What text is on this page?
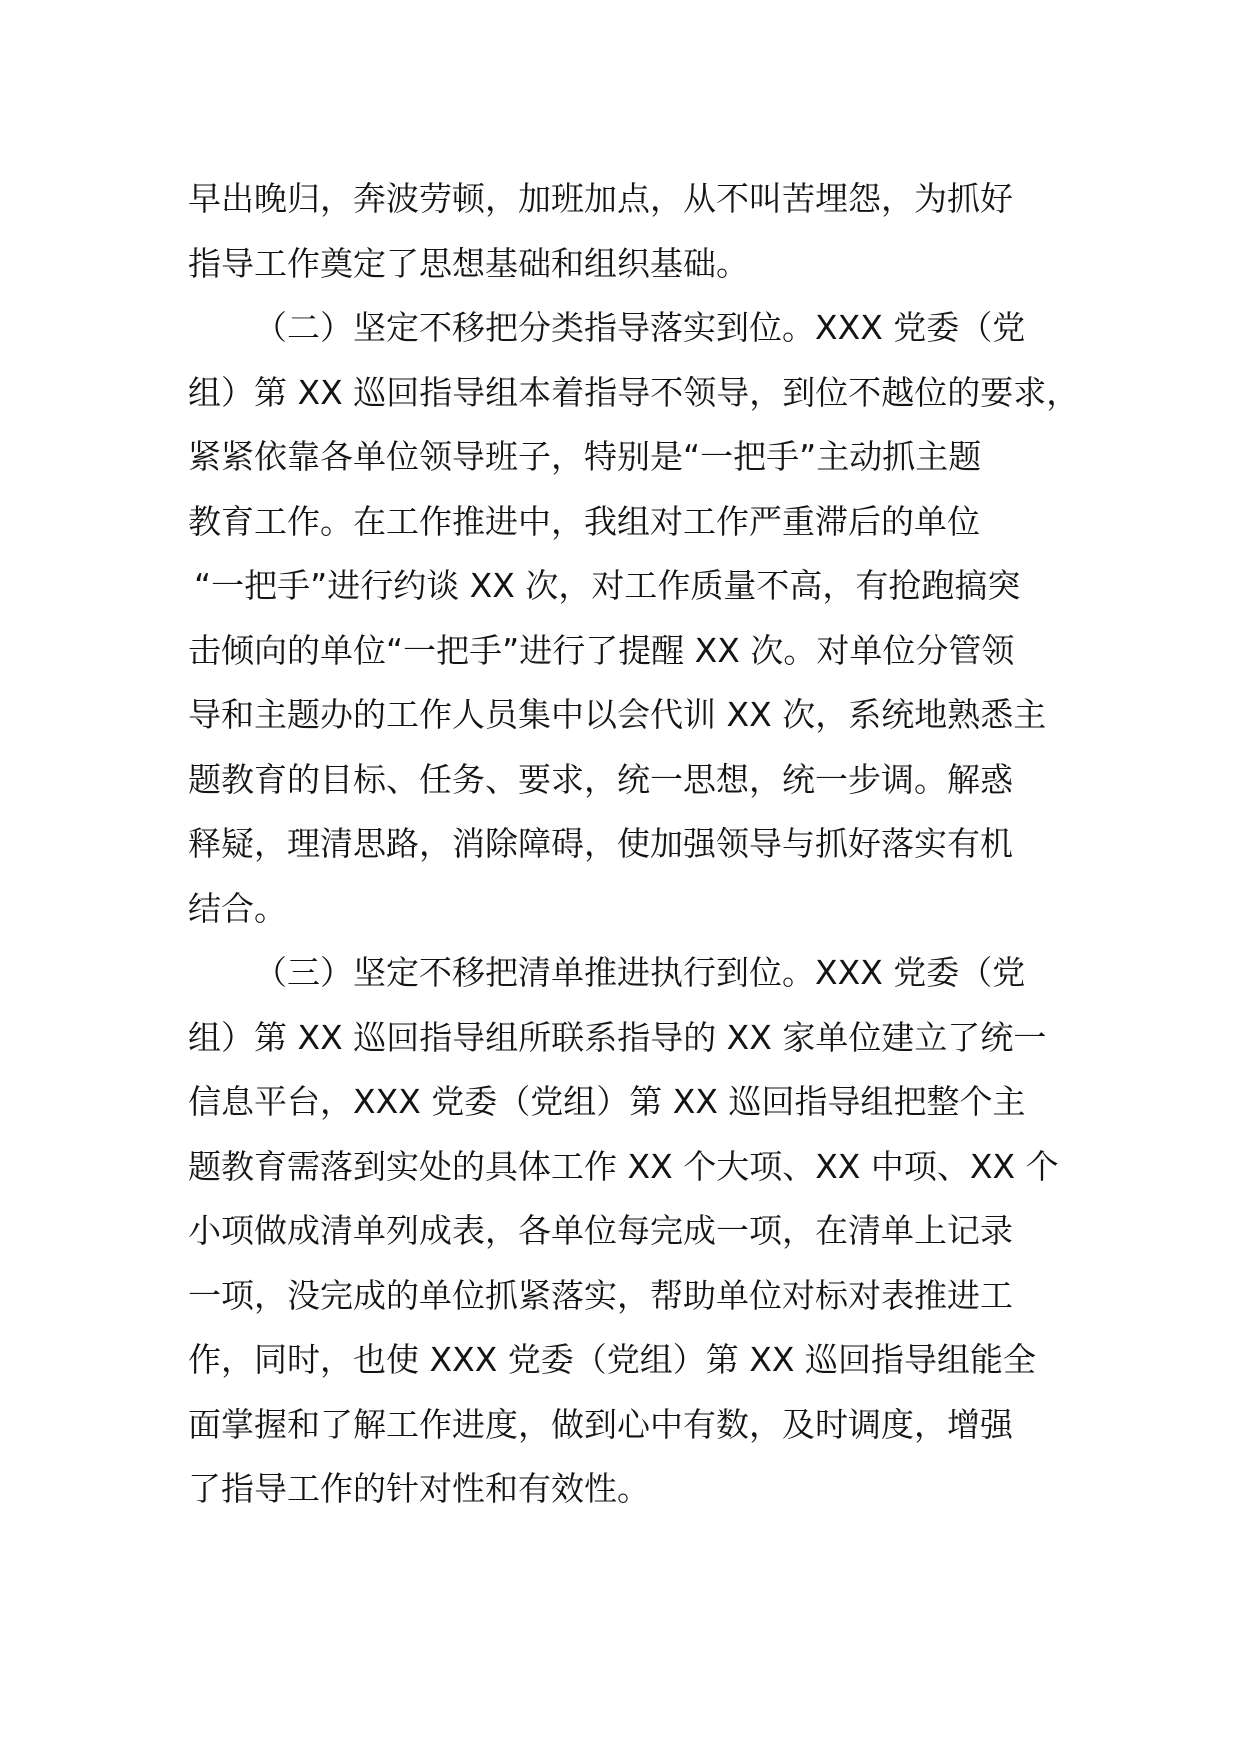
早出晚归，奔波劳顿，加班加点，从不叫苦埋怨，为抓好
指导工作奠定了思想基础和组织基础。
（二）坚定不移把分类指导落实到位。XXX 党委（党
组）第 XX 巡回指导组本着指导不领导，到位不越位的要求，
紧紧依靠各单位领导班子，特别是“一把手”主动抓主题
教育工作。在工作推进中，我组对工作严重滞后的单位
“一把手”进行约谈 XX 次，对工作质量不高，有抢跑搞突
击倾向的单位“一把手”进行了提醒 XX 次。对单位分管领
导和主题办的工作人员集中以会代训 XX 次，系统地熟悉主
题教育的目标、任务、要求，统一思想，统一步调。解惑
释疑，理清思路，消除障碍，使加强领导与抓好落实有机
结合。
（三）坚定不移把清单推进执行到位。XXX 党委（党
组）第 XX 巡回指导组所联系指导的 XX 家单位建立了统一
信息平台，XXX 党委（党组）第 XX 巡回指导组把整个主
题教育需落到实处的具体工作 XX 个大项、XX 中项、XX 个
小项做成清单列成表，各单位每完成一项，在清单上记录
一项，没完成的单位抓紧落实，帮助单位对标对表推进工
作，同时，也使 XXX 党委（党组）第 XX 巡回指导组能全
面掌握和了解工作进度，做到心中有数，及时调度，增强
了指导工作的针对性和有效性。
